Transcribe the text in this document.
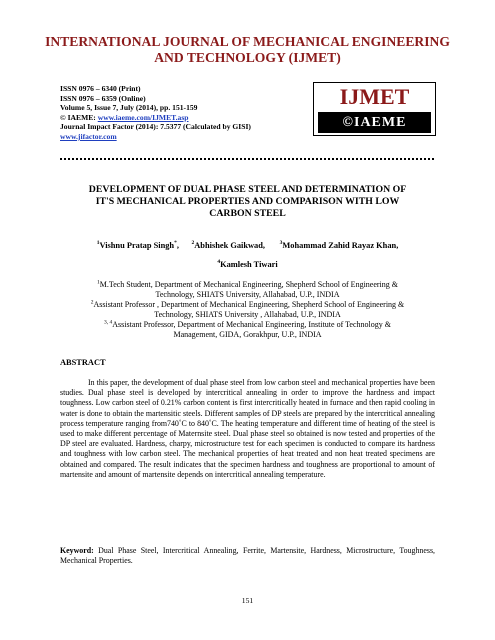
INTERNATIONAL JOURNAL OF MECHANICAL ENGINEERING
AND TECHNOLOGY (IJMET)
ISSN 0976 – 6340 (Print)
ISSN 0976 – 6359 (Online)
Volume 5, Issue 7, July (2014), pp. 151-159
© IAEME: www.iaeme.com/IJMET.asp
Journal Impact Factor (2014): 7.5377 (Calculated by GISI)
www.jifactor.com
IJMET
©IAEME
DEVELOPMENT OF DUAL PHASE STEEL AND DETERMINATION OF
IT'S MECHANICAL PROPERTIES AND COMPARISON WITH LOW
CARBON STEEL
$^1$Vishnu Pratap Singh*, $^2$Abhishek Gaikwad,	$^3$Mohammad Zahid Rayaz Khan,
$^4$Kamlesh Tiwari
$^1$M.Tech Student, Department of Mechanical Engineering, Shepherd School of Engineering &
Technology, SHIATS University, Allahabad, U.P., INDIA
$^2$Assistant Professor , Department of Mechanical Engineering, Shepherd School of Engineering &
Technology, SHIATS University , Allahabad, U.P., INDIA
$^{3, 4}$Assistant Professor, Department of Mechanical Engineering, Institute of Technology &
Management, GIDA, Gorakhpur, U.P., INDIA
ABSTRACT
In this paper, the development of dual phase steel from low carbon steel and mechanical properties have been studies. Dual phase steel is developed by intercritical annealing in order to improve the hardness and impact toughness. Low carbon steel of 0.21% carbon content is first intercritically heated in furnace and then rapid cooling in water is done to obtain the martensitic steels. Different samples of DP steels are prepared by the intercritical annealing process temperature ranging from740˚C to 840˚C. The heating temperature and different time of heating of the steel is used to make different percentage of Maternsite steel. Dual phase steel so obtained is now tested and properties of the DP steel are evaluated. Hardness, charpy, microstructure test for each specimen is conducted to compare its hardness and toughness with low carbon steel. The mechanical properties of heat treated and non heat treated specimens are obtained and compared. The result indicates that the specimen hardness and toughness are proportional to amount of martensite and amount of martensite depends on intercritical annealing temperature.
Keyword: Dual Phase Steel, Intercritical Annealing, Ferrite, Martensite, Hardness, Microstructure, Toughness, Mechanical Properties.
151
